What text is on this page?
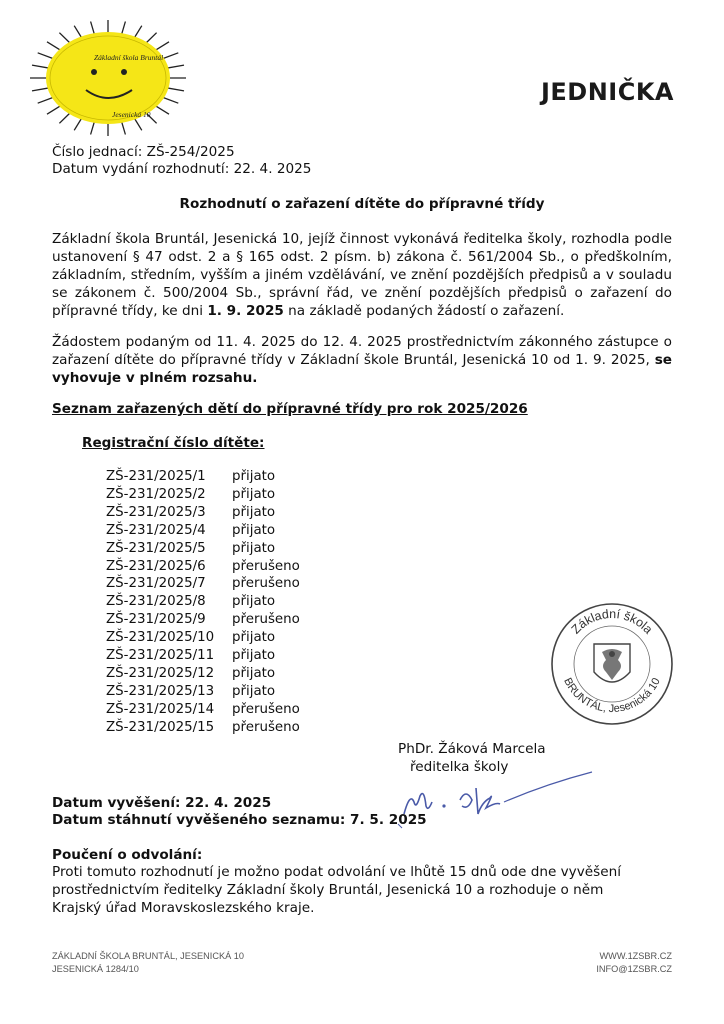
Základní škola Bruntál
Jesenická 10
JEDNIČKA
Číslo jednací: ZŠ-254/2025
Datum vydání rozhodnutí: 22. 4. 2025
Rozhodnutí o zařazení dítěte do přípravné třídy
Základní škola Bruntál, Jesenická 10, jejíž činnost vykonává ředitelka školy, rozhodla podle ustanovení § 47 odst. 2 a § 165 odst. 2 písm. b) zákona č. 561/2004 Sb., o předškolním, základním, středním, vyšším a jiném vzdělávání, ve znění pozdějších předpisů a v souladu se zákonem č. 500/2004 Sb., správní řád, ve znění pozdějších předpisů o zařazení do přípravné třídy, ke dni 1. 9. 2025 na základě podaných žádostí o zařazení.
Žádostem podaným od 11. 4. 2025 do 12. 4. 2025 prostřednictvím zákonného zástupce o zařazení dítěte do přípravné třídy v Základní škole Bruntál, Jesenická 10 od 1. 9. 2025, se vyhovuje v plném rozsahu.
Seznam zařazených dětí do přípravné třídy pro rok 2025/2026
Registrační číslo dítěte:
ZŠ-231/2025/1 přijato
ZŠ-231/2025/2 přijato
ZŠ-231/2025/3 přijato
ZŠ-231/2025/4 přijato
ZŠ-231/2025/5 přijato
ZŠ-231/2025/6 přerušeno
ZŠ-231/2025/7 přerušeno
ZŠ-231/2025/8 přijato
ZŠ-231/2025/9 přerušeno
ZŠ-231/2025/10 přijato
ZŠ-231/2025/11 přijato
ZŠ-231/2025/12 přijato
ZŠ-231/2025/13 přijato
ZŠ-231/2025/14 přerušeno
ZŠ-231/2025/15 přerušeno
Základní škola
BRUNTÁL, Jesenická 10
PhDr. Žáková Marcela
ředitelka školy
Datum vyvěšení: 22. 4. 2025
Datum stáhnutí vyvěšeného seznamu: 7. 5. 2025
Poučení o odvolání:
Proti tomuto rozhodnutí je možno podat odvolání ve lhůtě 15 dnů ode dne vyvěšení prostřednictvím ředitelky Základní školy Bruntál, Jesenická 10 a rozhoduje o něm Krajský úřad Moravskoslezského kraje.
ZÁKLADNÍ ŠKOLA BRUNTÁL, JESENICKÁ 10
JESENICKÁ 1284/10
WWW.1ZSBR.CZ
INFO@1ZSBR.CZ
